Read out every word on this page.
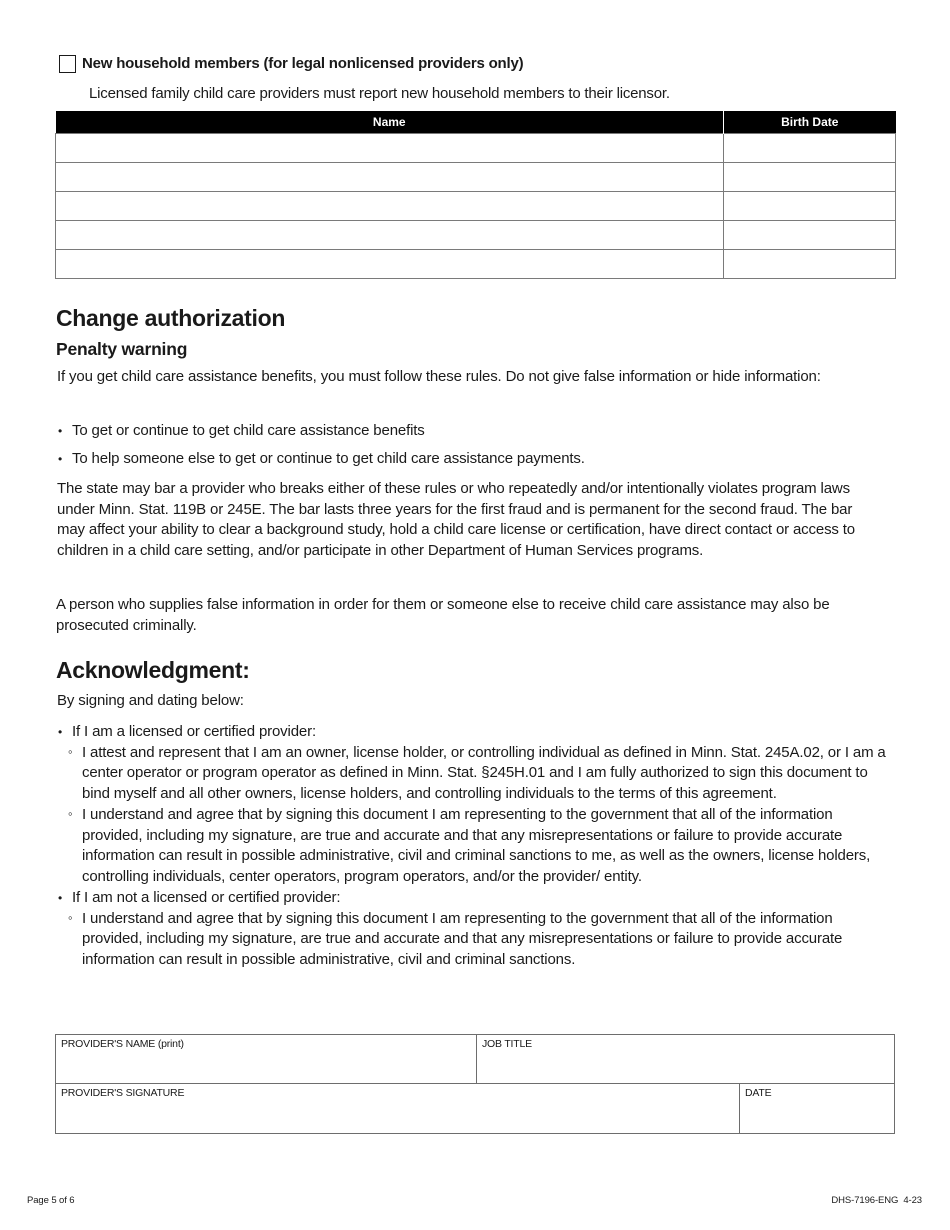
New household members (for legal nonlicensed providers only)
Licensed family child care providers must report new household members to their licensor.
Name	Birth Date

Change authorization
Penalty warning
If you get child care assistance benefits, you must follow these rules. Do not give false information or hide information:
• To get or continue to get child care assistance benefits
• To help someone else to get or continue to get child care assistance payments.
The state may bar a provider who breaks either of these rules or who repeatedly and/or intentionally violates program laws under Minn. Stat. 119B or 245E. The bar lasts three years for the first fraud and is permanent for the second fraud. The bar may affect your ability to clear a background study, hold a child care license or certification, have direct contact or access to children in a child care setting, and/or participate in other Department of Human Services programs.
A person who supplies false information in order for them or someone else to receive child care assistance may also be prosecuted criminally.
Acknowledgment:
By signing and dating below:
• If I am a licensed or certified provider:
◦ I attest and represent that I am an owner, license holder, or controlling individual as defined in Minn. Stat. 245A.02, or I am a center operator or program operator as defined in Minn. Stat. §245H.01 and I am fully authorized to sign this document to bind myself and all other owners, license holders, and controlling individuals to the terms of this agreement.
◦ I understand and agree that by signing this document I am representing to the government that all of the information provided, including my signature, are true and accurate and that any misrepresentations or failure to provide accurate information can result in possible administrative, civil and criminal sanctions to me, as well as the owners, license holders, controlling individuals, center operators, program operators, and/or the provider/ entity.
• If I am not a licensed or certified provider:
◦ I understand and agree that by signing this document I am representing to the government that all of the information provided, including my signature, are true and accurate and that any misrepresentations or failure to provide accurate information can result in possible administrative, civil and criminal sanctions.
PROVIDER'S NAME (print)	JOB TITLE
PROVIDER'S SIGNATURE	DATE
Page 5 of 6	DHS-7196-ENG  4-23
